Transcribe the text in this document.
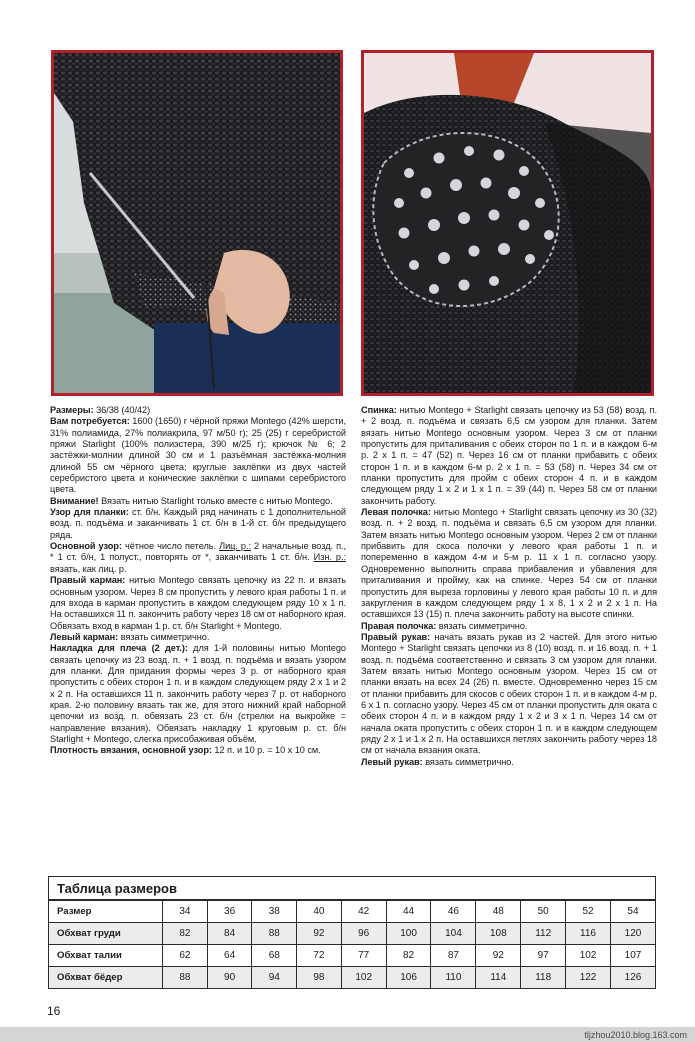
Размеры: 36/38 (40/42)

Вам потребуется: 1600 (1650) г чёрной пряжи Montego (42% шерсти, 31% полиамида, 27% полиакрила, 97 м/50 г); 25 (25) г серебристой пряжи Starlight (100% полиэстера, 390 м/25 г); крючок № 6; 2 застёжки-молнии длиной 30 см и 1 разъёмная застёжка-молния длиной 55 см чёрного цвета; круглые заклёпки из двух частей серебристого цвета и конические заклёпки с шипами серебристого цвета.

Внимание! Вязать нитью Starlight только вместе с нитью Montego.

Узор для планки: ст. б/н. Каждый ряд начинать с 1 дополнительной возд. п. подъёма и заканчивать 1 ст. б/н в 1-й ст. б/н предыдущего ряда.

Основной узор: чётное число петель. Лиц. р.: 2 начальные возд. п., * 1 ст. б/н, 1 полуст., повторять от *, заканчивать 1 ст. б/н. Изн. р.: вязать, как лиц. р.

Правый карман: нитью Montego связать цепочку из 22 п. и вязать основным узором. Через 8 см пропустить у левого края работы 1 п. и для входа в карман пропустить в каждом следующем ряду 10 х 1 п. На оставшихся 11 п. закончить работу через 18 см от наборного края. Обвязать вход в карман 1 р. ст. б/н Starlight + Montego.

Левый карман: вязать симметрично.

Накладка для плеча (2 дет.): для 1-й половины нитью Montego связать цепочку из 23 возд. п. + 1 возд. п. подъёма и вязать узором для планки. Для придания формы через 3 р. от наборного края пропустить с обеих сторон 1 п. и в каждом следующем ряду 2 х 1 и 2 х 2 п. На оставшихся 11 п. закончить работу через 7 р. от наборного края. 2-ю половину вязать так же, для этого нижний край наборной цепочки из возд. п. обвязать 23 ст. б/н (стрелки на выкройке = направление вязания). Обвязать накладку 1 круговым р. ст. б/н Starlight + Montego, слегка присобаживая объём.

Плотность вязания, основной узор: 12 п. и 10 р. = 10 х 10 см.

Спинка: нитью Montego + Starlight связать цепочку из 53 (58) возд. п. + 2 возд. п. подъёма и связать 6,5 см узором для планки. Затем вязать нитью Montego основным узором. Через 3 см от планки пропустить для приталивания с обеих сторон по 1 п. и в каждом 6-м р. 2 х 1 п. = 47 (52) п. Через 16 см от планки прибавить с обеих сторон 1 п. и в каждом 6-м р. 2 х 1 п. = 53 (58) п. Через 34 см от планки пропустить для пройм с обеих сторон 4 п. и в каждом следующем ряду 1 х 2 и 1 х 1 п. = 39 (44) п. Через 58 см от планки закончить работу.

Левая полочка: нитью Montego + Starlight связать цепочку из 30 (32) возд. п. + 2 возд. п. подъёма и связать 6,5 см узором для планки. Затем вязать нитью Montego основным узором. Через 2 см от планки прибавить для скоса полочки у левого края работы 1 п. и попеременно в каждом 4-м и 5-м р. 11 х 1 п. согласно узору. Одновременно выполнить справа прибавления и убавления для приталивания и пройму, как на спинке. Через 54 см от планки пропустить для выреза горловины у левого края работы 10 п. и для закругления в каждом следующем ряду 1 х 8, 1 х 2 и 2 х 1 п. На оставшихся 13 (15) п. плеча закончить работу на высоте спинки.

Правая полочка: вязать симметрично.

Правый рукав: начать вязать рукав из 2 частей. Для этого нитью Montego + Starlight связать цепочки из 8 (10) возд. п. и 16 возд. п. + 1 возд. п. подъёма соответственно и связать 3 см узором для планки. Затем вязать нитью Montego основным узором. Через 15 см от планки вязать на всех 24 (26) п. вместе. Одновременно через 15 см от планки прибавить для скосов с обеих сторон 1 п. и в каждом 4-м р. 6 х 1 п. согласно узору. Через 45 см от планки пропустить для оката с обеих сторон 4 п. и в каждом ряду 1 х 2 и 3 х 1 п. Через 14 см от начала оката пропустить с обеих сторон 1 п. и в каждом следующем ряду 2 х 1 и 1 х 2 п. На оставшихся петлях закончить работу через 18 см от начала вязания оката.

Левый рукав: вязать симметрично.

Таблица размеров											
Размер	34	36	38	40	42	44	46	48	50	52	54
Обхват груди	82	84	88	92	96	100	104	108	112	116	120
Обхват талии	62	64	68	72	77	82	87	92	97	102	107
Обхват бёдер	88	90	94	98	102	106	110	114	118	122	126
16
tljzhou2010.blog.163.com
